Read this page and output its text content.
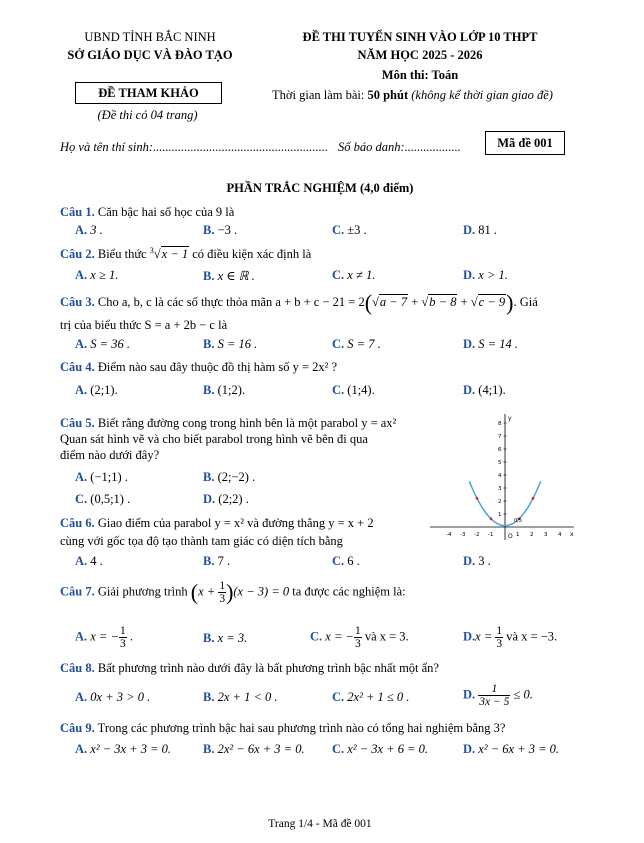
UBND TỈNH BẮC NINH
SỞ GIÁO DỤC VÀ ĐÀO TẠO
ĐỀ THAM KHẢO
(Đề thi có 04 trang)
ĐỀ THI TUYỂN SINH VÀO LỚP 10 THPT
NĂM HỌC 2025 - 2026
Môn thi: Toán
Thời gian làm bài: 50 phút (không kể thời gian giao đề)
Họ và tên thí sinh:........................................................ Số báo danh:..................	Mã đề 001
PHẦN TRẮC NGHIỆM (4,0 điểm)
Câu 1. Căn bậc hai số học của 9 là
A. 3 .	B. −3 .	C. ±3 .	D. 81 .
Câu 2. Biểu thức $^3$√x − 1 có điều kiện xác định là
A. x ≥ 1.	B. x ∈ ℝ .	C. x ≠ 1.	D. x > 1.
Câu 3. Cho a, b, c là các số thực thỏa mãn a + b + c − 21 = 2(√a − 7 + √b − 8 + √c − 9). Giá
trị của biểu thức S = a + 2b − c là
A. S = 36 .	B. S = 16 .	C. S = 7 .	D. S = 14 .
Câu 4. Điểm nào sau đây thuộc đồ thị hàm số y = 2x² ?
A. (2;1).	B. (1;2).	C. (1;4).	D. (4;1).
Câu 5. Biết rằng đường cong trong hình bên là một parabol y = ax²
Quan sát hình vẽ và cho biết parabol trong hình vẽ bên đi qua
điểm nào dưới đây?
A. (−1;1) .	B. (2;−2) .
C. (0,5;1) .	D. (2;2) .
-4 -3 -2 -1	1 2 3 4
1
2
3
4
5
6
7
8
O	x
y
0,5
Câu 6. Giao điểm của parabol y = x² và đường thẳng y = x + 2
cùng với gốc tọa độ tạo thành tam giác có diện tích bằng
A. 4 .	B. 7 .	C. 6 .	D. 3 .
Câu 7. Giải phương trình $(x + \frac{1}{3} )(x - 3) = 0$ ta được các nghiệm là:
A. x = − $\frac{1}{3}$ .	B. x = 3.	C. x = − $\frac{1}{3}$ và x = 3.	$D.x = \frac{1}{3}$ và x = −3.
Câu 8. Bất phương trình nào dưới đây là bất phương trình bậc nhất một ẩn?
A. 0x + 3 > 0 .	B. 2x + 1 < 0 .	C. 2x² + 1 ≤ 0 .	D. $\frac{1}{3x - 5} \le 0$.
Câu 9. Trong các phương trình bậc hai sau phương trình nào có tổng hai nghiệm bằng 3?
A. x² − 3x + 3 = 0.	B. 2x² − 6x + 3 = 0. C. x² − 3x + 6 = 0.	D. x² − 6x + 3 = 0.
Trang 1/4 - Mã đề 001
